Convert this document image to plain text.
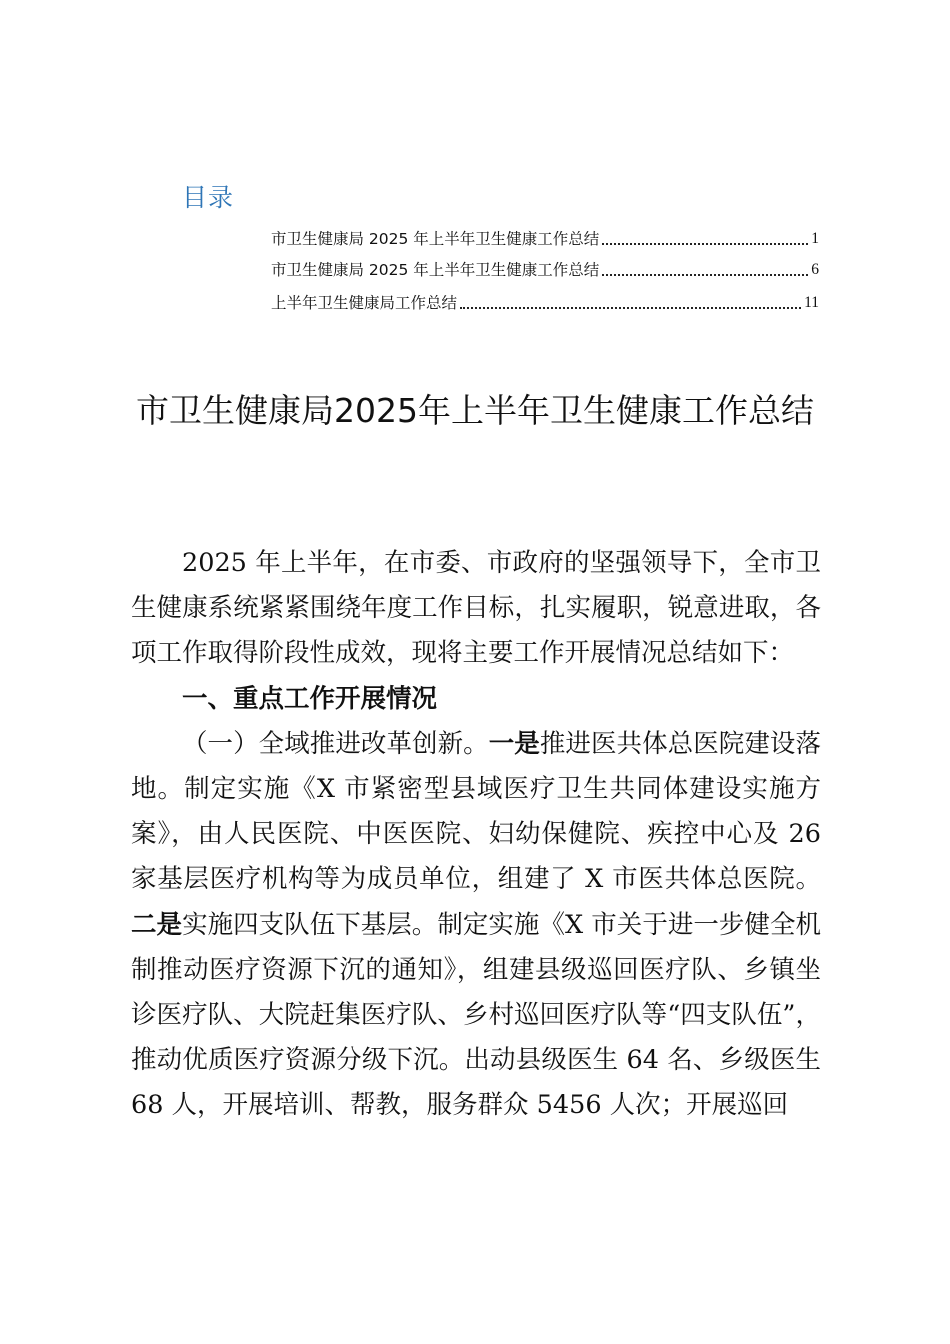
目录
市卫生健康局 2025 年上半年卫生健康工作总结	1
市卫生健康局 2025 年上半年卫生健康工作总结	6
上半年卫生健康局工作总结	11
市卫生健康局2025年上半年卫生健康工作总结

2025 年上半年，在市委、市政府的坚强领导下，全市卫生健康系统紧紧围绕年度工作目标，扎实履职，锐意进取，各项工作取得阶段性成效，现将主要工作开展情况总结如下：

一、重点工作开展情况

（一）全域推进改革创新。一是推进医共体总医院建设落地。制定实施《X 市紧密型县域医疗卫生共同体建设实施方案》，由人民医院、中医医院、妇幼保健院、疾控中心及 26 家基层医疗机构等为成员单位，组建了 X 市医共体总医院。二是实施四支队伍下基层。制定实施《X 市关于进一步健全机制推动医疗资源下沉的通知》，组建县级巡回医疗队、乡镇坐诊医疗队、大院赶集医疗队、乡村巡回医疗队等“四支队伍”，推动优质医疗资源分级下沉。出动县级医生 64 名、乡级医生 68 人，开展培训、帮教，服务群众 5456 人次；开展巡回
